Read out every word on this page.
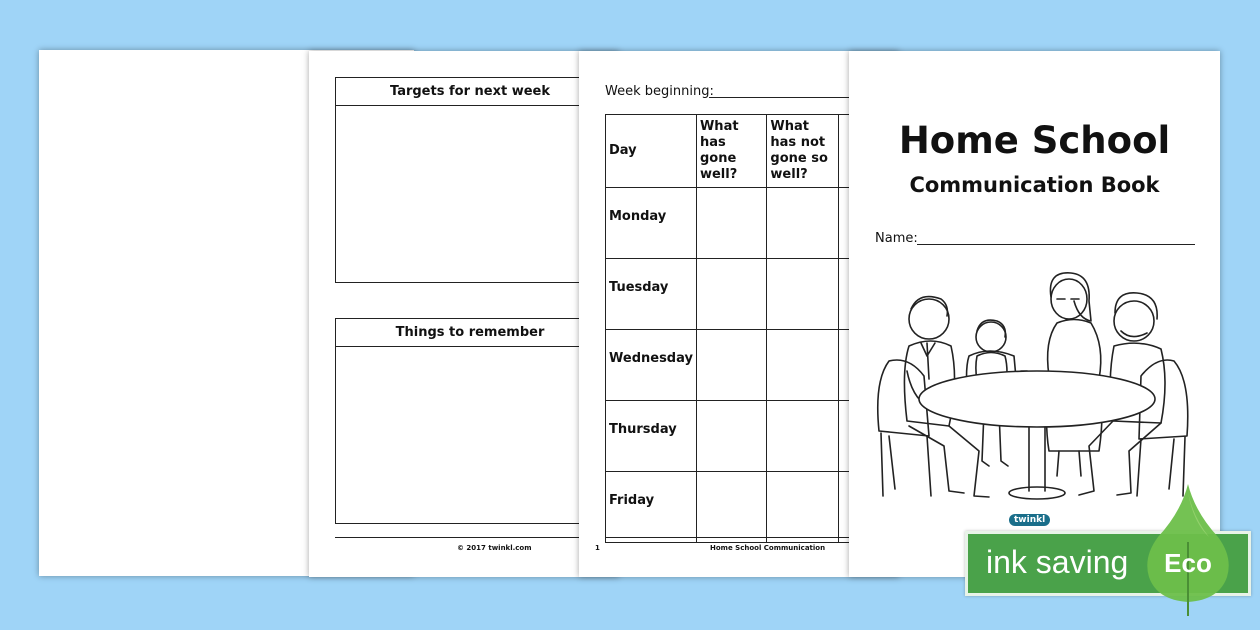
Targets for next week
Things to remember
© 2017 twinkl.com
Week beginning:
Day	What has gone well?	What has not gone so well?	
Monday			
Tuesday			
Wednesday			
Thursday			
Friday			
1	Home School Communication
Home School
Communication Book
Name:
twinkl
ink saving Eco
